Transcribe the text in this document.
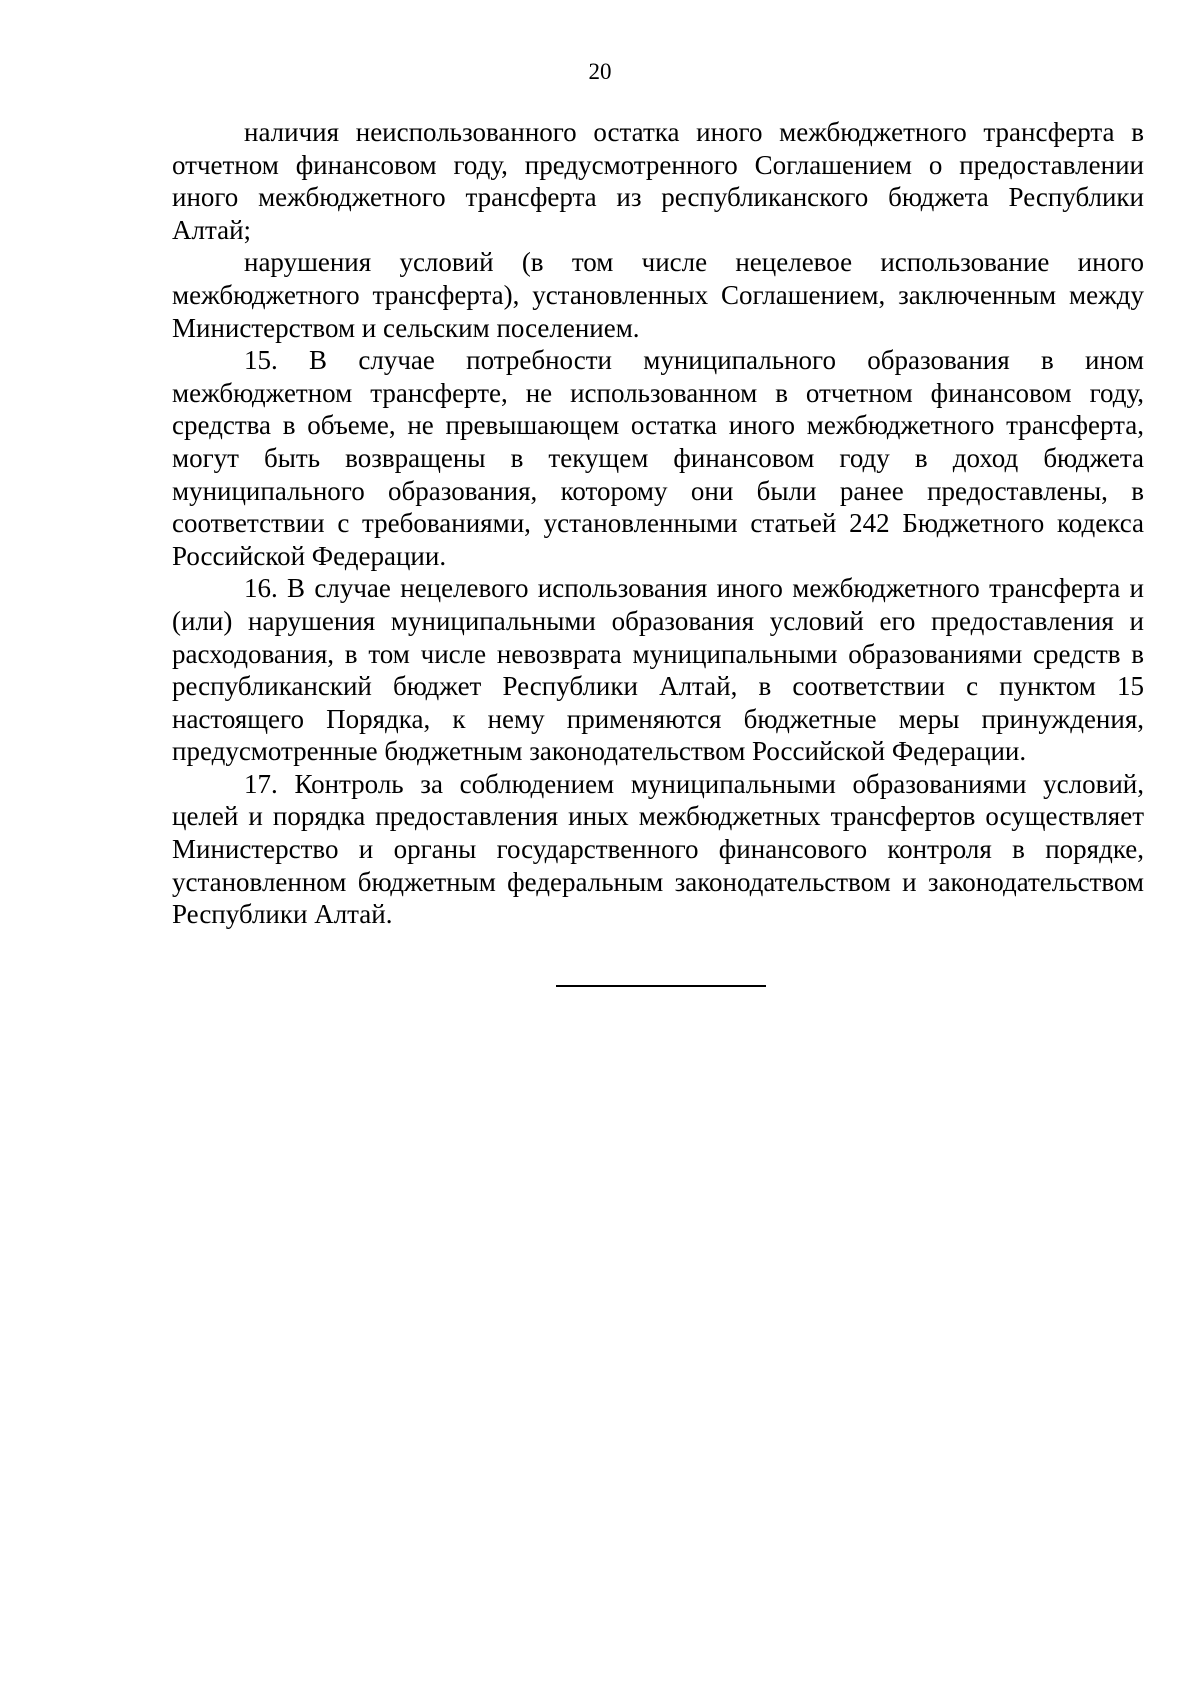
20

наличия неиспользованного остатка иного межбюджетного трансферта в отчетном финансовом году, предусмотренного Соглашением о предоставлении иного межбюджетного трансферта из республиканского бюджета Республики Алтай;

нарушения условий (в том числе нецелевое использование иного межбюджетного трансферта), установленных Соглашением, заключенным между Министерством и сельским поселением.

15. В случае потребности муниципального образования в ином межбюджетном трансферте, не использованном в отчетном финансовом году, средства в объеме, не превышающем остатка иного межбюджетного трансферта, могут быть возвращены в текущем финансовом году в доход бюджета муниципального образования, которому они были ранее предоставлены, в соответствии с требованиями, установленными статьей 242 Бюджетного кодекса Российской Федерации.

16. В случае нецелевого использования иного межбюджетного трансферта и (или) нарушения муниципальными образования условий его предоставления и расходования, в том числе невозврата муниципальными образованиями средств в республиканский бюджет Республики Алтай, в соответствии с пунктом 15 настоящего Порядка, к нему применяются бюджетные меры принуждения, предусмотренные бюджетным законодательством Российской Федерации.

17. Контроль за соблюдением муниципальными образованиями условий, целей и порядка предоставления иных межбюджетных трансфертов осуществляет Министерство и органы государственного финансового контроля в порядке, установленном бюджетным федеральным законодательством и законодательством Республики Алтай.
